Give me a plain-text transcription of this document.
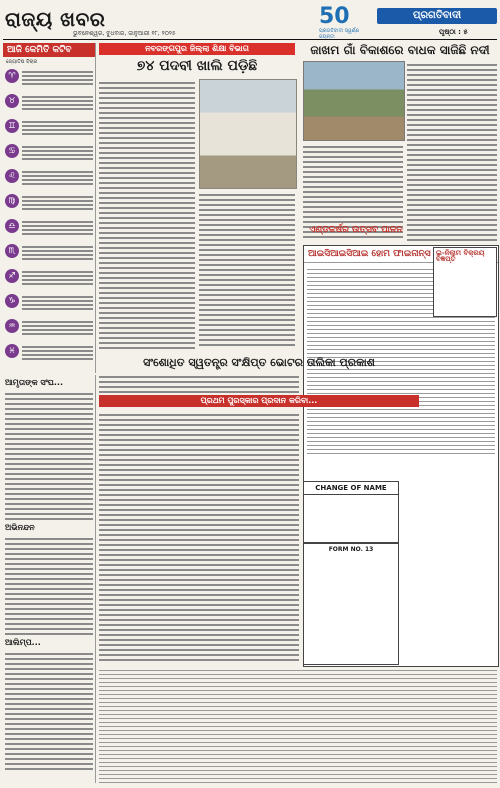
ରାଜ୍ୟ ଖବର
ଭୁବନେଶ୍ୱର, ବୁଧବାର, ଜାନୁଆରୀ ୧୮, ୨୦୨୫
50
ପ୍ରଗତିବାଦୀ ସ୍ୱର୍ଣ୍ଣ ଜୟନ୍ତୀ
ପ୍ରଗତିବାଦୀ
ପୃଷ୍ଠା : ୫
ଆଜି କେମିତି କଟିବ
ଜ୍ୟୋତିଷ ବିଚାର
♈
♉
♊
♋
♌
♍
♎
♏
♐
♑
♒
♓
ଆମୃତାଙ୍କ ସଂଘ...
ଅଭିନନ୍ଦନ
ଆଲିମ୍ପ...
ନବରଙ୍ଗପୁର ଜିଲ୍ଲା ଶିକ୍ଷା ବିଭାଗ
୭୪ ପଦବୀ ଖାଲି ପଡ଼ିଛି
ଜାଖମ ଗାଁ ବିକାଶରେ ବାଧକ ସାଜିଛି ନଦୀ
ଏଣ୍ଡକର୍ଷର ଉତ୍ସବ ପାଳନ
ଆଇସିଆଇସିଆଇ ହୋମ ଫାଇନାନ୍ସ ଇ-ନିଲାମ ବିକ୍ରୟ ବିଜ୍ଞପ୍ତି
ସଂଶୋଧିତ ସ୍ୱତନ୍ତ୍ର ସଂକ୍ଷିପ୍ତ ଭୋଟର ତାଲିକା ପ୍ରକାଶ
ପ୍ରଥମ ପୁରସ୍କାର ପ୍ରଦାନ କରିବା...
CHANGE OF NAME
FORM NO. 13
